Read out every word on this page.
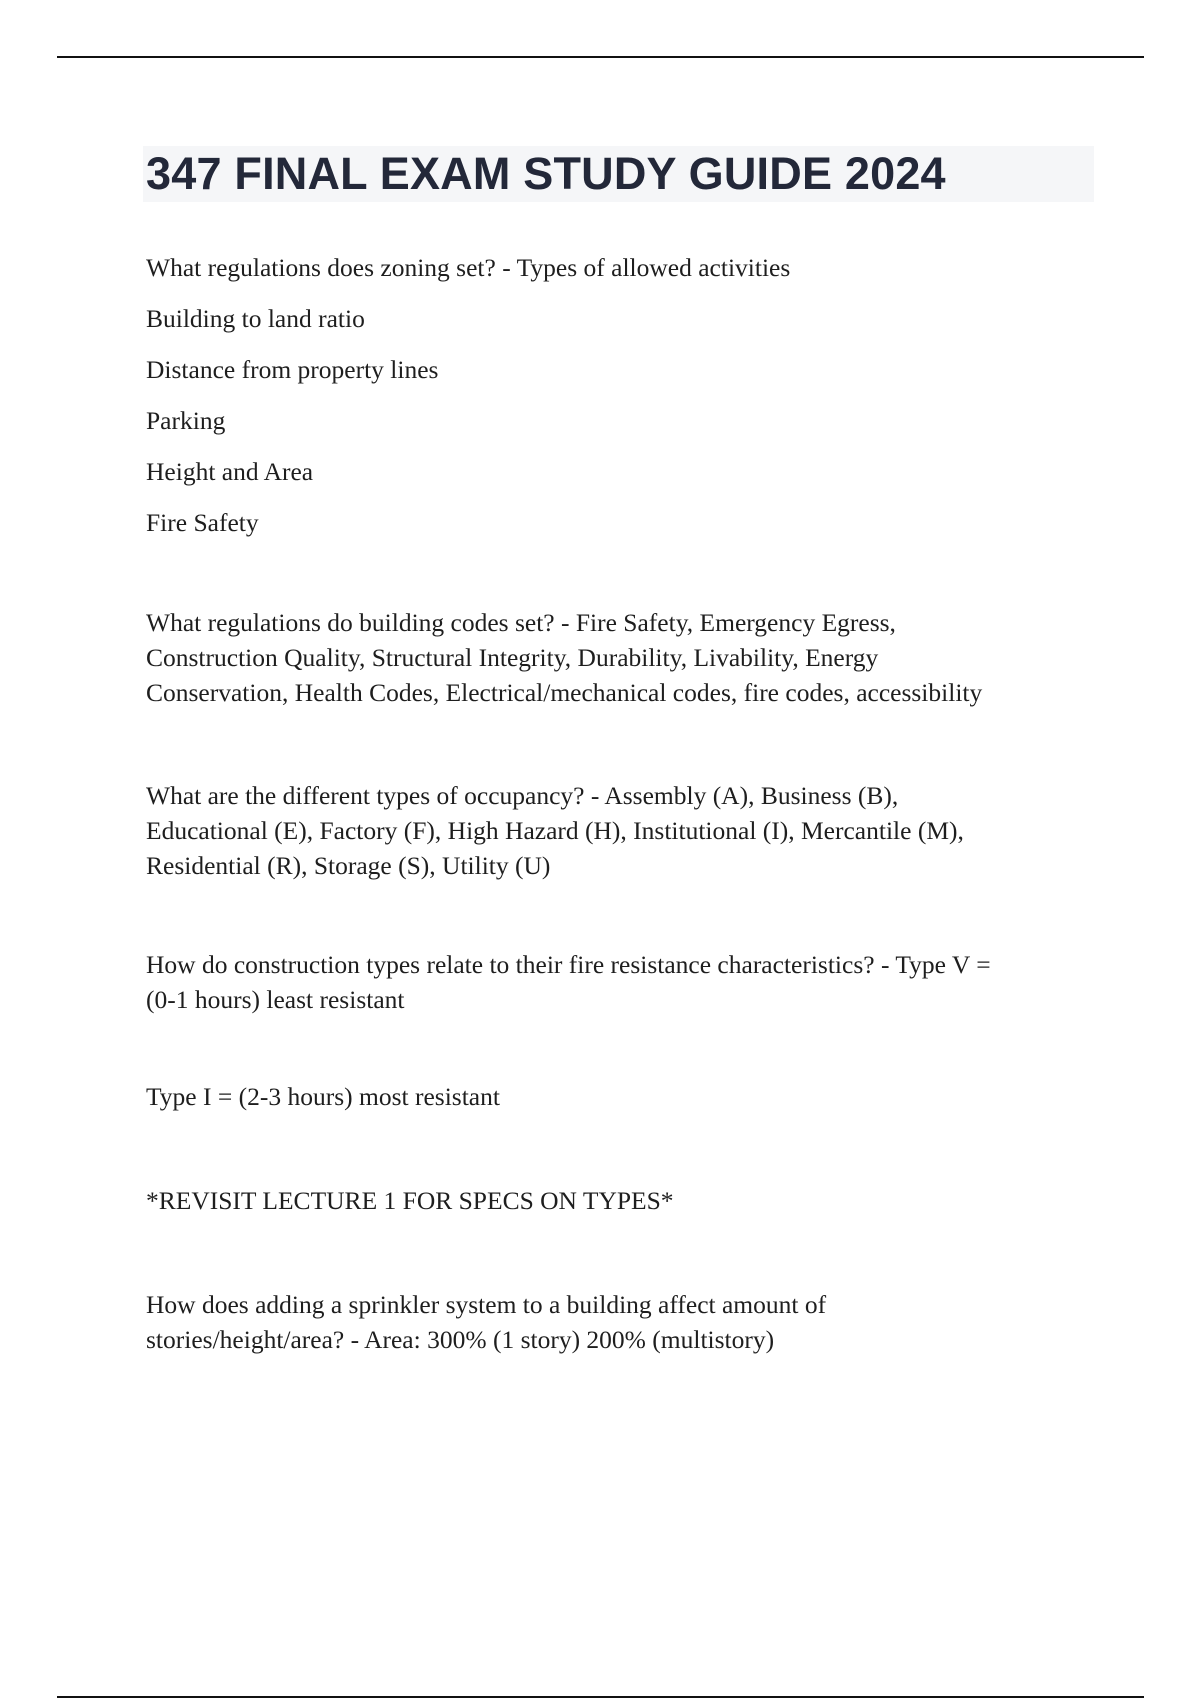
347 FINAL EXAM STUDY GUIDE 2024

What regulations does zoning set? - Types of allowed activities

Building to land ratio

Distance from property lines

Parking

Height and Area

Fire Safety

What regulations do building codes set? - Fire Safety, Emergency Egress,
Construction Quality, Structural Integrity, Durability, Livability, Energy
Conservation, Health Codes, Electrical/mechanical codes, fire codes, accessibility

What are the different types of occupancy? - Assembly (A), Business (B),
Educational (E), Factory (F), High Hazard (H), Institutional (I), Mercantile (M),
Residential (R), Storage (S), Utility (U)

How do construction types relate to their fire resistance characteristics? - Type V =
(0-1 hours) least resistant

Type I = (2-3 hours) most resistant

*REVISIT LECTURE 1 FOR SPECS ON TYPES*

How does adding a sprinkler system to a building affect amount of
stories/height/area? - Area: 300% (1 story) 200% (multistory)
